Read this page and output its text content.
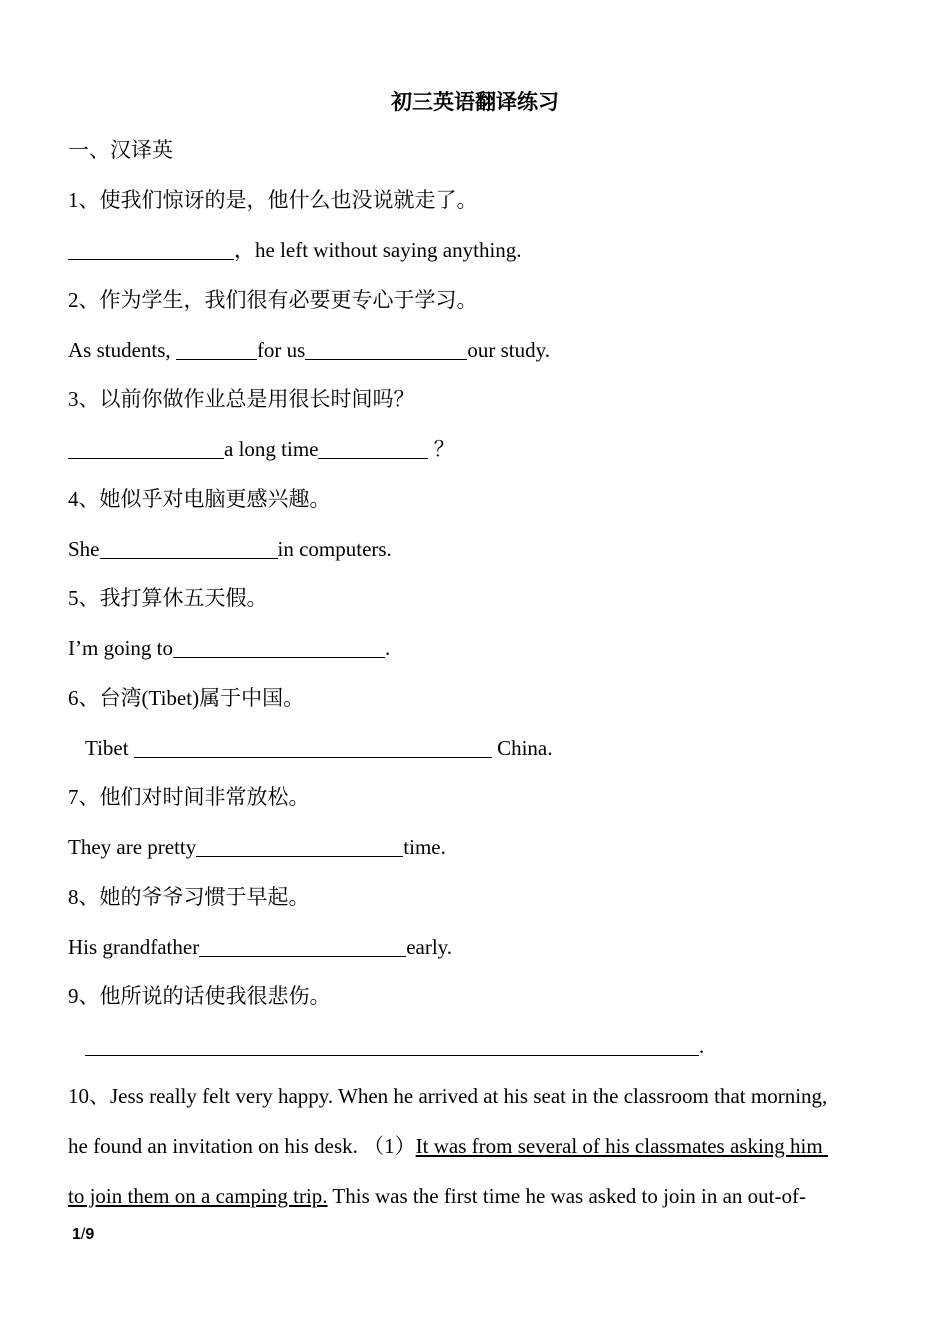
初三英语翻译练习
一、汉译英
1、使我们惊讶的是，他什么也没说就走了。
，he left without saying anything.
2、作为学生，我们很有必要更专心于学习。
As students,	for us	our study.
3、以前你做作业总是用很长时间吗？
a long time	？
4、她似乎对电脑更感兴趣。
She	in computers.
5、我打算休五天假。
I’m going to	.
6、台湾(Tibet)属于中国。
Tibet	China.
7、他们对时间非常放松。
They are pretty	time.
8、她的爷爷习惯于早起。
His grandfather	early.
9、他所说的话使我很悲伤。
.
10、Jess really felt very happy. When he arrived at his seat in the classroom that morning,
he found an invitation on his desk. （1）It was from several of his classmates asking him
to join them on a camping trip. This was the first time he was asked to join in an out-of-
1/9
